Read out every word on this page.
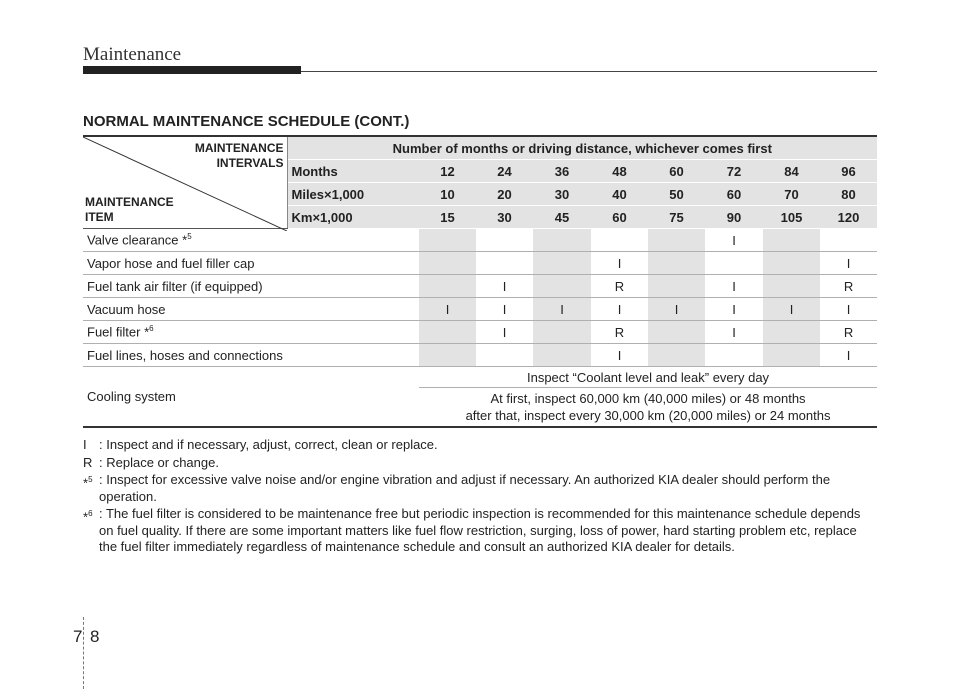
Maintenance
NORMAL MAINTENANCE SCHEDULE (CONT.)
MAINTENANCE
INTERVALS
MAINTENANCE
ITEM	Number of months or driving distance, whichever comes first								
	Months	12	24	36	48	60	72	84	96
	Miles×1,000	10	20	30	40	50	60	70	80
	Km×1,000	15	30	45	60	75	90	105	120
Valve clearance *$^5$							I		
Vapor hose and fuel filler cap					I				I
Fuel tank air filter (if equipped)			I		R		I		R
Vacuum hose		I	I	I	I	I	I	I	I
Fuel filter *$^6$			I		R		I		R
Fuel lines, hoses and connections					I				I
Cooling system		Inspect “Coolant level and leak” every day							

		At first, inspect 60,000 km (40,000 miles) or 48 months
after that, inspect every 30,000 km (20,000 miles) or 24 months							
I : Inspect and if necessary, adjust, correct, clean or replace.
R : Replace or change.
*$^5$ : Inspect for excessive valve noise and/or engine vibration and adjust if necessary. An authorized KIA dealer should perform the operation.
*$^6$ : The fuel filter is considered to be maintenance free but periodic inspection is recommended for this maintenance schedule depends on fuel quality. If there are some important matters like fuel flow restriction, surging, loss of power, hard starting problem etc, replace the fuel filter immediately regardless of maintenance schedule and consult an authorized KIA dealer for details.
7 8
